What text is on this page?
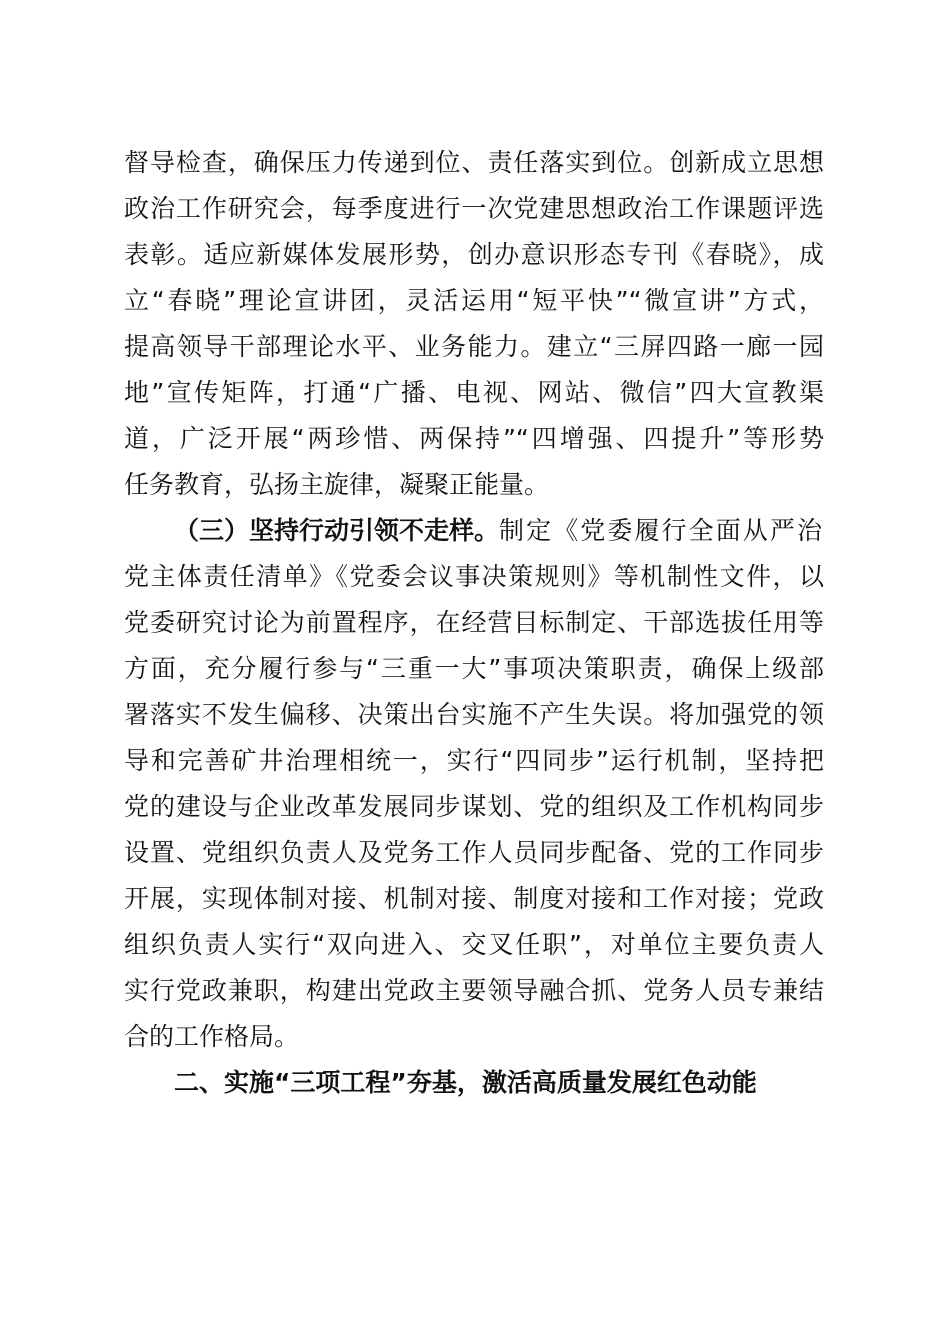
督导检查，确保压力传递到位、责任落实到位。创新成立思想
政治工作研究会，每季度进行一次党建思想政治工作课题评选
表彰。适应新媒体发展形势，创办意识形态专刊《春晓》，成
立“春晓”理论宣讲团，灵活运用“短平快”“微宣讲”方式，
提高领导干部理论水平、业务能力。建立“三屏四路一廊一园
地”宣传矩阵，打通“广播、电视、网站、微信”四大宣教渠
道，广泛开展“两珍惜、两保持”“四增强、四提升”等形势
任务教育，弘扬主旋律，凝聚正能量。
（三）坚持行动引领不走样。 制定《党委履行全面从严治
党主体责任清单》《党委会议事决策规则》等机制性文件，以
党委研究讨论为前置程序，在经营目标制定、干部选拔任用等
方面，充分履行参与“三重一大”事项决策职责，确保上级部
署落实不发生偏移、决策出台实施不产生失误。将加强党的领
导和完善矿井治理相统一，实行“四同步”运行机制，坚持把
党的建设与企业改革发展同步谋划、党的组织及工作机构同步
设置、党组织负责人及党务工作人员同步配备、党的工作同步
开展，实现体制对接、机制对接、制度对接和工作对接；党政
组织负责人实行“双向进入、交叉任职”，对单位主要负责人
实行党政兼职，构建出党政主要领导融合抓、党务人员专兼结
合的工作格局。
二、实施“三项工程”夯基，激活高质量发展红色动能
